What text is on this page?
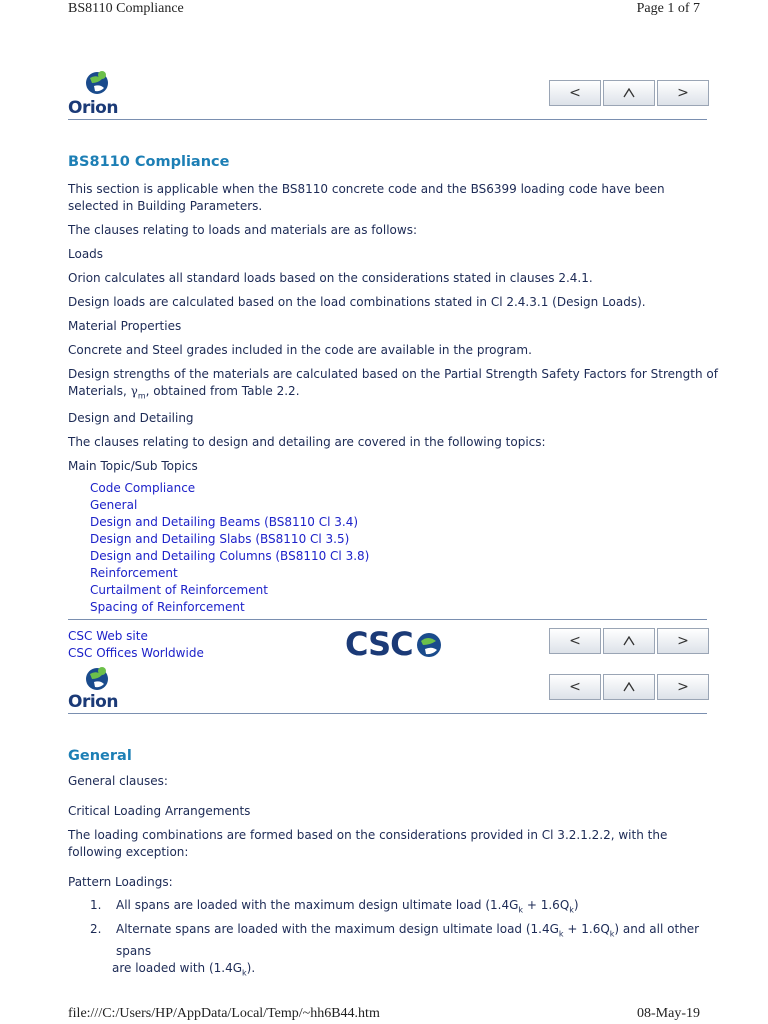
BS8110 Compliance	Page 1 of 7
Orion
<	>
BS8110 Compliance

This section is applicable when the BS8110 concrete code and the BS6399 loading code have been selected in Building Parameters.

The clauses relating to loads and materials are as follows:

Loads

Orion calculates all standard loads based on the considerations stated in clauses 2.4.1.

Design loads are calculated based on the load combinations stated in Cl 2.4.3.1 (Design Loads).

Material Properties

Concrete and Steel grades included in the code are available in the program.

Design strengths of the materials are calculated based on the Partial Strength Safety Factors for Strength of Materials, $\gamma_m$, obtained from Table 2.2.

Design and Detailing

The clauses relating to design and detailing are covered in the following topics:

Main Topic/Sub Topics

Code Compliance
General
Design and Detailing Beams (BS8110 Cl 3.4)
Design and Detailing Slabs (BS8110 Cl 3.5)
Design and Detailing Columns (BS8110 Cl 3.8)
Reinforcement
Curtailment of Reinforcement
Spacing of Reinforcement
CSC Web site
CSC Offices Worldwide	CSC	<	>
Orion
<	>
General

General clauses:

Critical Loading Arrangements

The loading combinations are formed based on the considerations provided in Cl 3.2.1.2.2, with the following exception:

Pattern Loadings:

1. All spans are loaded with the maximum design ultimate load $(1.4G_k + 1.6Q_k)$
2. Alternate spans are loaded with the maximum design ultimate load $(1.4G_k + 1.6Q_k)$ and all other spans
are loaded with $(1.4G_k)$.
file:///C:/Users/HP/AppData/Local/Temp/~hh6B44.htm	08-May-19
